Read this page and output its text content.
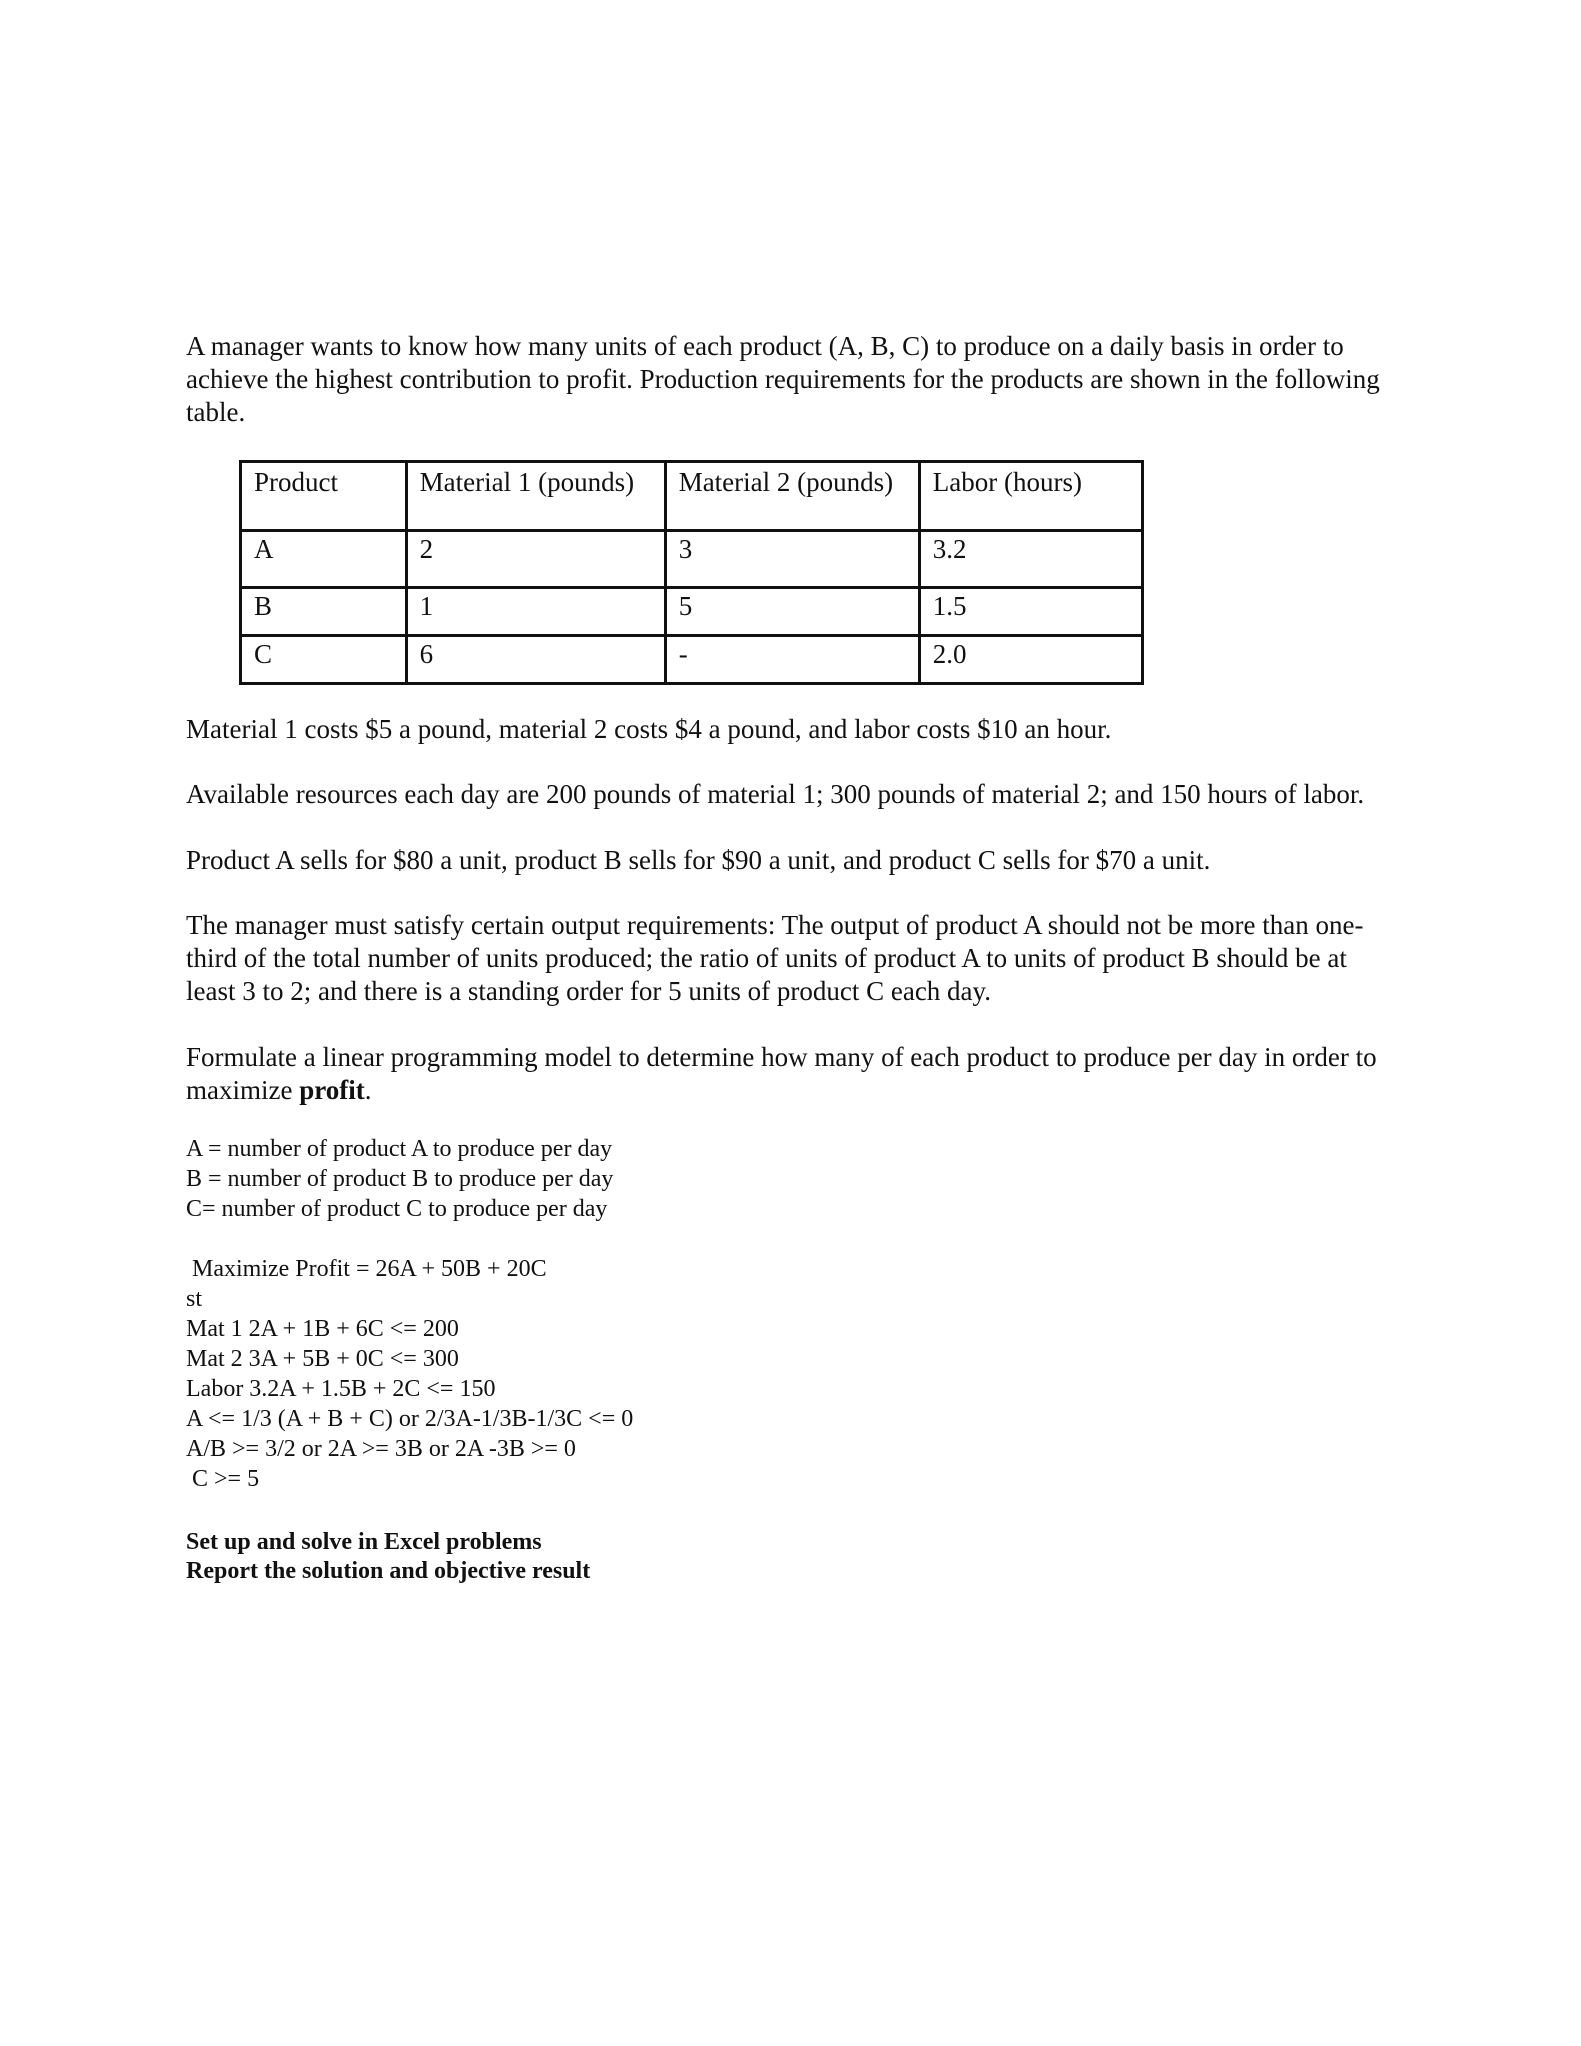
A manager wants to know how many units of each product (A, B, C) to produce on a daily basis in order to achieve the highest contribution to profit. Production requirements for the products are shown in the following table.

Product	Material 1 (pounds)	Material 2 (pounds)	Labor (hours)
A	2	3	3.2
B	1	5	1.5
C	6	-	2.0

Material 1 costs $5 a pound, material 2 costs $4 a pound, and labor costs $10 an hour.

Available resources each day are 200 pounds of material 1; 300 pounds of material 2; and 150 hours of labor.

Product A sells for $80 a unit, product B sells for $90 a unit, and product C sells for $70 a unit.

The manager must satisfy certain output requirements: The output of product A should not be more than one-third of the total number of units produced; the ratio of units of product A to units of product B should be at least 3 to 2; and there is a standing order for 5 units of product C each day.

Formulate a linear programming model to determine how many of each product to produce per day in order to maximize profit.

A = number of product A to produce per day
B = number of product B to produce per day
C= number of product C to produce per day
Maximize Profit = 26A + 50B + 20C
st
Mat 1 2A + 1B + 6C <= 200
Mat 2 3A + 5B + 0C <= 300
Labor 3.2A + 1.5B + 2C <= 150
A <= 1/3 (A + B + C) or 2/3A-1/3B-1/3C <= 0
A/B >= 3/2 or 2A >= 3B or 2A -3B >= 0
C >= 5
Set up and solve in Excel problems
Report the solution and objective result
